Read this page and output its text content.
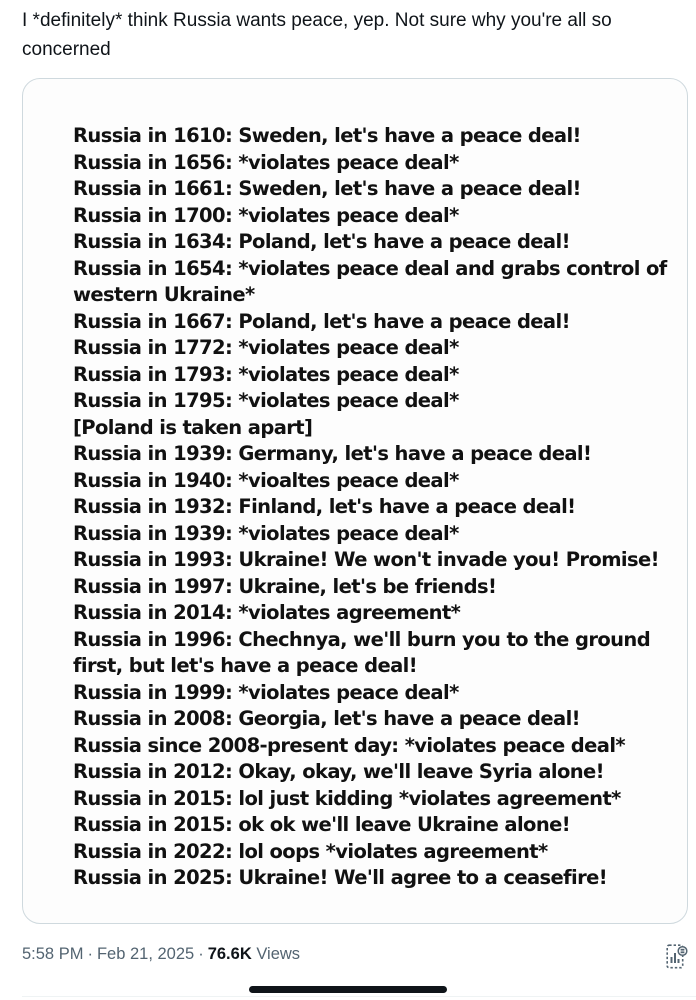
I *definitely* think Russia wants peace, yep. Not sure why you're all so concerned
Russia in 1610: Sweden, let's have a peace deal!
Russia in 1656: *violates peace deal*
Russia in 1661: Sweden, let's have a peace deal!
Russia in 1700: *violates peace deal*
Russia in 1634: Poland, let's have a peace deal!
Russia in 1654: *violates peace deal and grabs control of
western Ukraine*
Russia in 1667: Poland, let's have a peace deal!
Russia in 1772: *violates peace deal*
Russia in 1793: *violates peace deal*
Russia in 1795: *violates peace deal*
[Poland is taken apart]
Russia in 1939: Germany, let's have a peace deal!
Russia in 1940: *vioaltes peace deal*
Russia in 1932: Finland, let's have a peace deal!
Russia in 1939: *violates peace deal*
Russia in 1993: Ukraine! We won't invade you! Promise!
Russia in 1997: Ukraine, let's be friends!
Russia in 2014: *violates agreement*
Russia in 1996: Chechnya, we'll burn you to the ground
first, but let's have a peace deal!
Russia in 1999: *violates peace deal*
Russia in 2008: Georgia, let's have a peace deal!
Russia since 2008-present day: *violates peace deal*
Russia in 2012: Okay, okay, we'll leave Syria alone!
Russia in 2015: lol just kidding *violates agreement*
Russia in 2015: ok ok we'll leave Ukraine alone!
Russia in 2022: lol oops *violates agreement*
Russia in 2025: Ukraine! We'll agree to a ceasefire!
5:58 PM · Feb 21, 2025 · 76.6K Views
